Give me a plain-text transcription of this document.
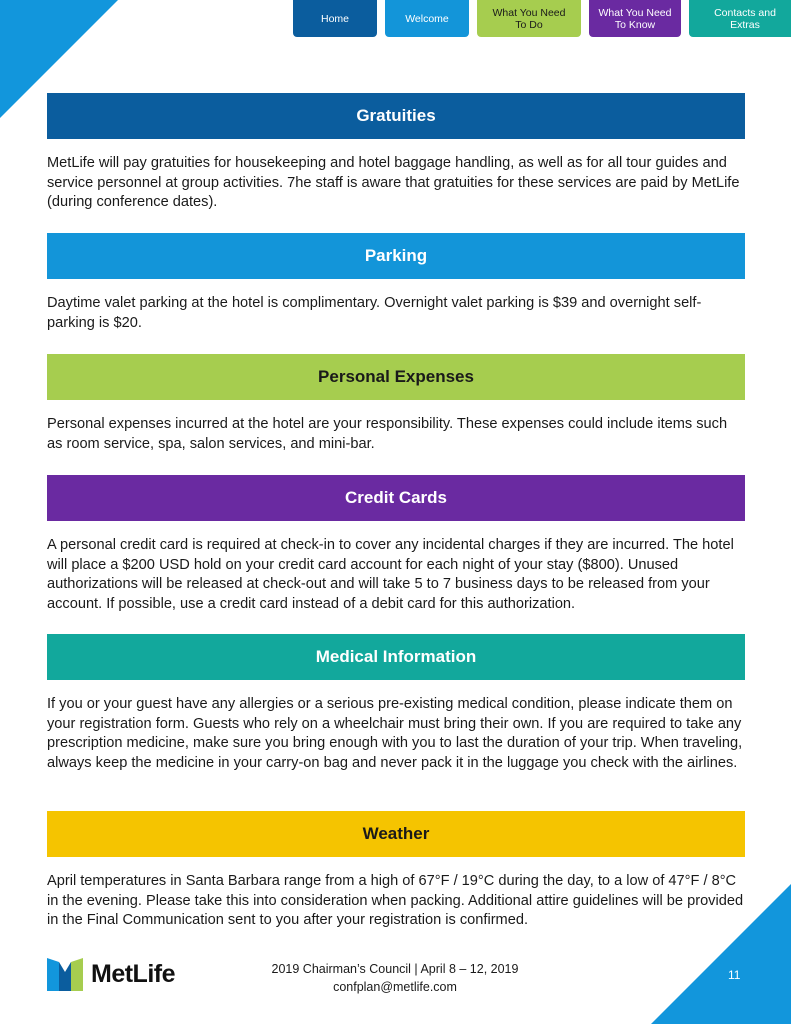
Home	Welcome	What You Need To Do
What You Need To Know
Contacts and Extras
Gratuities

MetLife will pay gratuities for housekeeping and hotel baggage handling, as well as for all tour guides and service personnel at group activities. 7he staff is aware that gratuities for these services are paid by MetLife (during conference dates).

Parking

Daytime valet parking at the hotel is complimentary. Overnight valet parking is $39 and overnight self-parking is $20.

Personal Expenses

Personal expenses incurred at the hotel are your responsibility. These expenses could include items such as room service, spa, salon services, and mini-bar.

Credit Cards

A personal credit card is required at check-in to cover any incidental charges if they are incurred. The hotel will place a $200 USD hold on your credit card account for each night of your stay ($800). Unused authorizations will be released at check-out and will take 5 to 7 business days to be released from your account. If possible, use a credit card instead of a debit card for this authorization.

Medical Information

If you or your guest have any allergies or a serious pre-existing medical condition, please indicate them on your registration form. Guests who rely on a wheelchair must bring their own. If you are required to take any prescription medicine, make sure you bring enough with you to last the duration of your trip. When traveling, always keep the medicine in your carry-on bag and never pack it in the luggage you check with the airlines.

Weather

April temperatures in Santa Barbara range from a high of 67°F / 19°C during the day, to a low of 47°F / 8°C in the evening. Please take this into consideration when packing. Additional attire guidelines will be provided in the Final Communication sent to you after your registration is confirmed.

MetLife	2019 Chairman’s Council | April 8 – 12, 2019
confplan@metlife.com
11
